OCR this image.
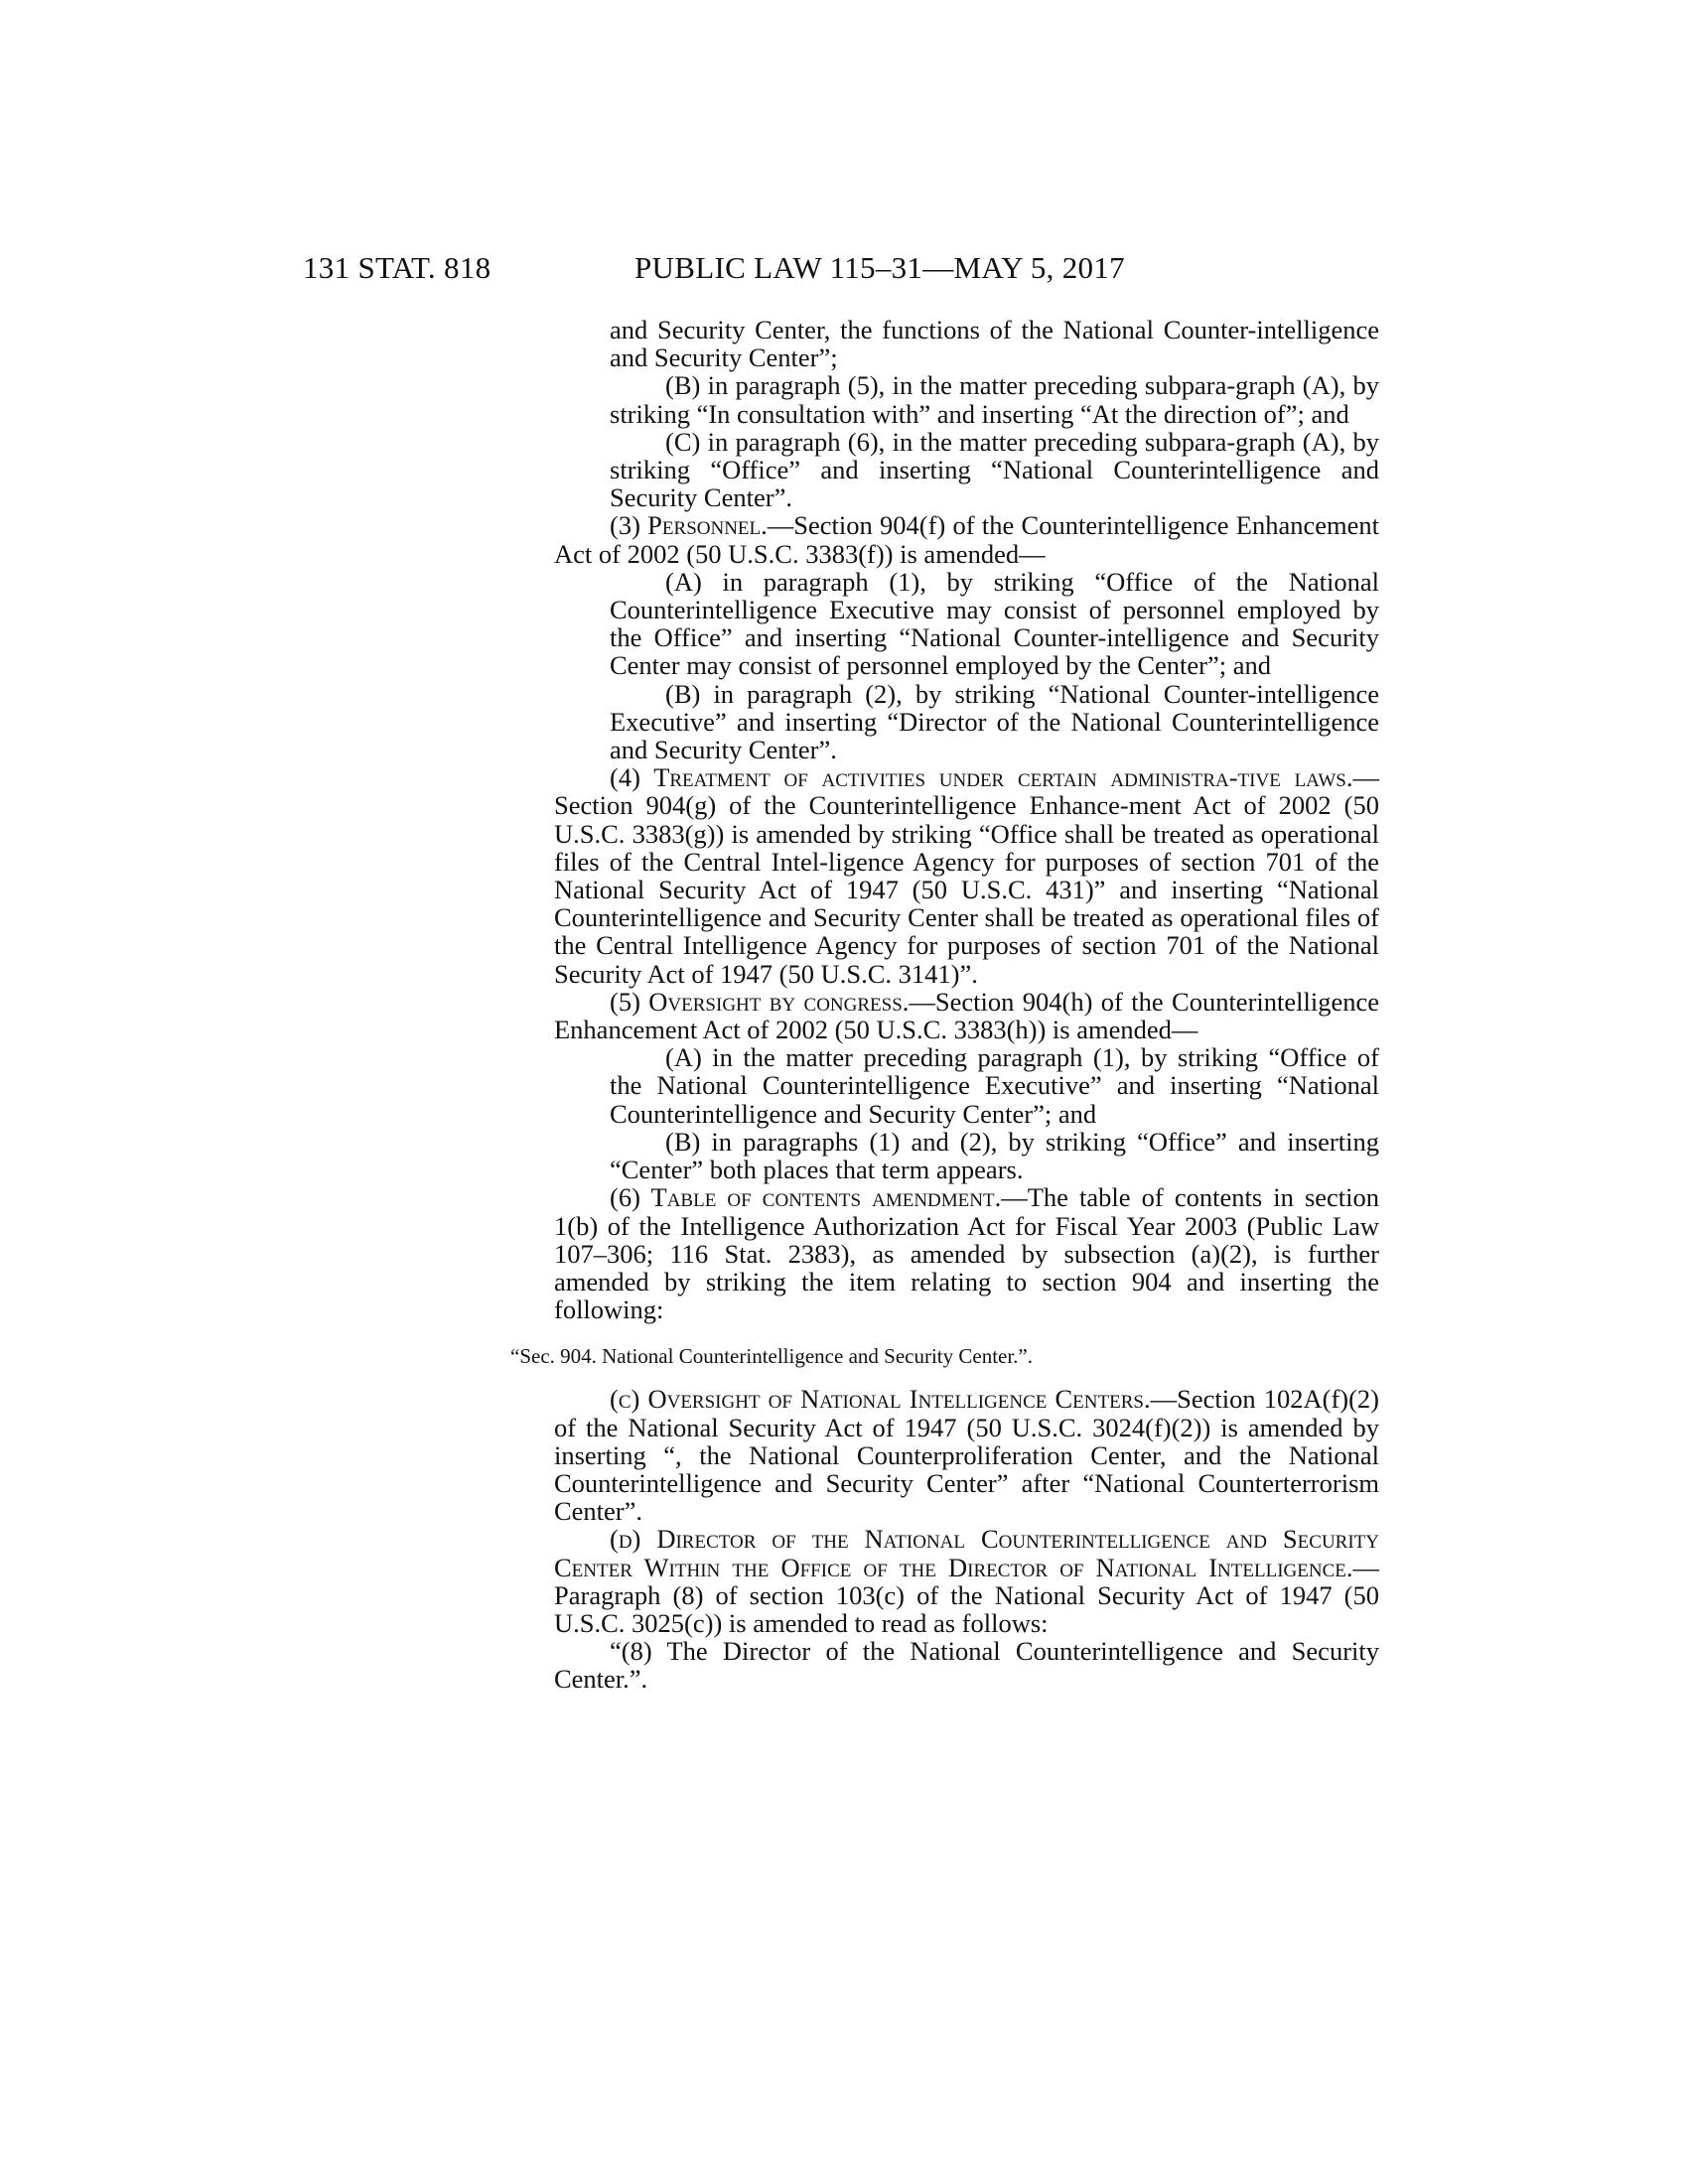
131 STAT. 818	PUBLIC LAW 115–31—MAY 5, 2017

and Security Center, the functions of the National Counter-intelligence and Security Center”;

(B) in paragraph (5), in the matter preceding subpara-graph (A), by striking “In consultation with” and inserting “At the direction of”; and

(C) in paragraph (6), in the matter preceding subpara-graph (A), by striking “Office” and inserting “National Counterintelligence and Security Center”.

(3) Personnel.—Section 904(f) of the Counterintelligence Enhancement Act of 2002 (50 U.S.C. 3383(f)) is amended—

(A) in paragraph (1), by striking “Office of the National Counterintelligence Executive may consist of personnel employed by the Office” and inserting “National Counter-intelligence and Security Center may consist of personnel employed by the Center”; and

(B) in paragraph (2), by striking “National Counter-intelligence Executive” and inserting “Director of the National Counterintelligence and Security Center”.

(4) Treatment of activities under certain administra-tive laws.—Section 904(g) of the Counterintelligence Enhance-ment Act of 2002 (50 U.S.C. 3383(g)) is amended by striking “Office shall be treated as operational files of the Central Intel-ligence Agency for purposes of section 701 of the National Security Act of 1947 (50 U.S.C. 431)” and inserting “National Counterintelligence and Security Center shall be treated as operational files of the Central Intelligence Agency for purposes of section 701 of the National Security Act of 1947 (50 U.S.C. 3141)”.

(5) Oversight by congress.—Section 904(h) of the Counterintelligence Enhancement Act of 2002 (50 U.S.C. 3383(h)) is amended—

(A) in the matter preceding paragraph (1), by striking “Office of the National Counterintelligence Executive” and inserting “National Counterintelligence and Security Center”; and

(B) in paragraphs (1) and (2), by striking “Office” and inserting “Center” both places that term appears.

(6) Table of contents amendment.—The table of contents in section 1(b) of the Intelligence Authorization Act for Fiscal Year 2003 (Public Law 107–306; 116 Stat. 2383), as amended by subsection (a)(2), is further amended by striking the item relating to section 904 and inserting the following:

“Sec. 904. National Counterintelligence and Security Center.”.

(c) Oversight of National Intelligence Centers.—Section 102A(f)(2) of the National Security Act of 1947 (50 U.S.C. 3024(f)(2)) is amended by inserting “, the National Counterproliferation Center, and the National Counterintelligence and Security Center” after “National Counterterrorism Center”.

(d) Director of the National Counterintelligence and Security Center Within the Office of the Director of National Intelligence.—Paragraph (8) of section 103(c) of the National Security Act of 1947 (50 U.S.C. 3025(c)) is amended to read as follows:

“(8) The Director of the National Counterintelligence and Security Center.”.
